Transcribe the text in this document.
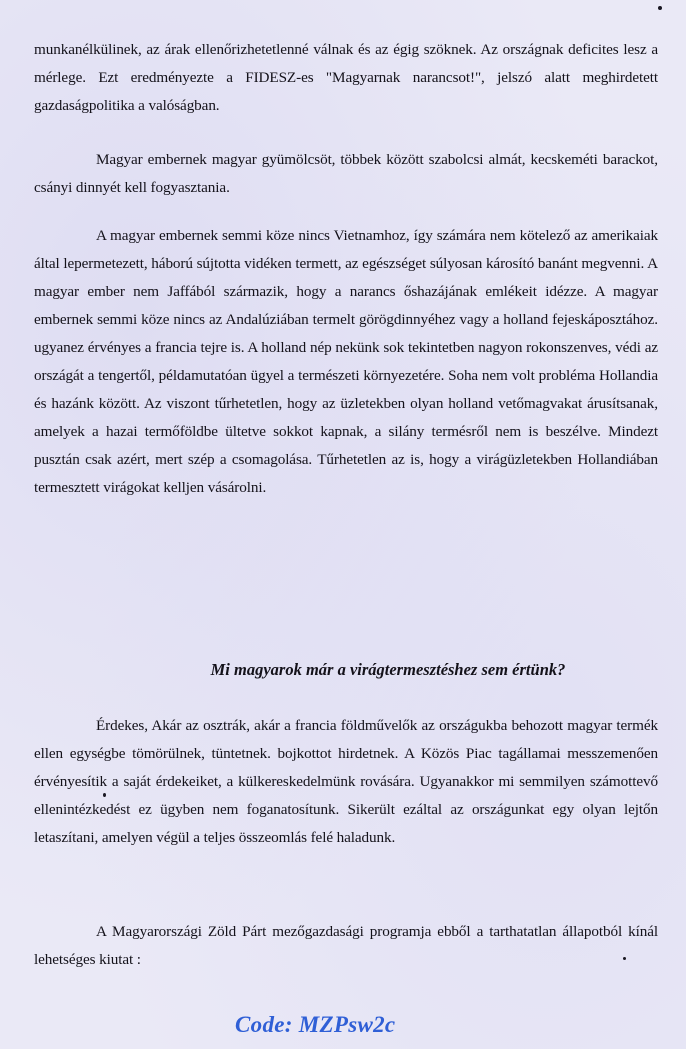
munkanélkülinek, az árak ellenőrizhetetlenné válnak és az égig szöknek. Az országnak deficites lesz a mérlege. Ezt eredményezte a FIDESZ-es "Magyarnak narancsot!", jelszó alatt meghirdetett gazdaságpolitika a valóságban.

Magyar embernek magyar gyümölcsöt, többek között szabolcsi almát, kecskeméti barackot, csányi dinnyét kell fogyasztania.

A magyar embernek semmi köze nincs Vietnamhoz, így számára nem kötelező az amerikaiak által lepermetezett, háború sújtotta vidéken termett, az egészséget súlyosan károsító banánt megvenni. A magyar ember nem Jaffából származik, hogy a narancs őshazájának emlékeit idézze. A magyar embernek semmi köze nincs az Andalúziában termelt görögdinnyéhez vagy a holland fejeskáposztához. ugyanez érvényes a francia tejre is. A holland nép nekünk sok tekintetben nagyon rokonszenves, védi az országát a tengertől, példamutatóan ügyel a természeti környezetére. Soha nem volt probléma Hollandia és hazánk között. Az viszont tűrhetetlen, hogy az üzletekben olyan holland vetőmagvakat árusítsanak, amelyek a hazai termőföldbe ültetve sokkot kapnak, a silány termésről nem is beszélve. Mindezt pusztán csak azért, mert szép a csomagolása. Tűrhetetlen az is, hogy a virágüzletekben Hollandiában termesztett virágokat kelljen vásárolni.

Mi magyarok már a virágtermesztéshez sem értünk?

Érdekes, Akár az osztrák, akár a francia földművelők az országukba behozott magyar termék ellen egységbe tömörülnek, tüntetnek. bojkottot hirdetnek. A Közös Piac tagállamai messzemenően érvényesítik a saját érdekeiket, a külkereskedelmünk rovására. Ugyanakkor mi semmilyen számottevő ellenintézkedést ez ügyben nem foganatosítunk. Sikerült ezáltal az országunkat egy olyan lejtőn letaszítani, amelyen végül a teljes összeomlás felé haladunk.

A Magyarországi Zöld Párt mezőgazdasági programja ebből a tarthatatlan állapotból kínál lehetséges kiutat :

Code: MZPsw2c
